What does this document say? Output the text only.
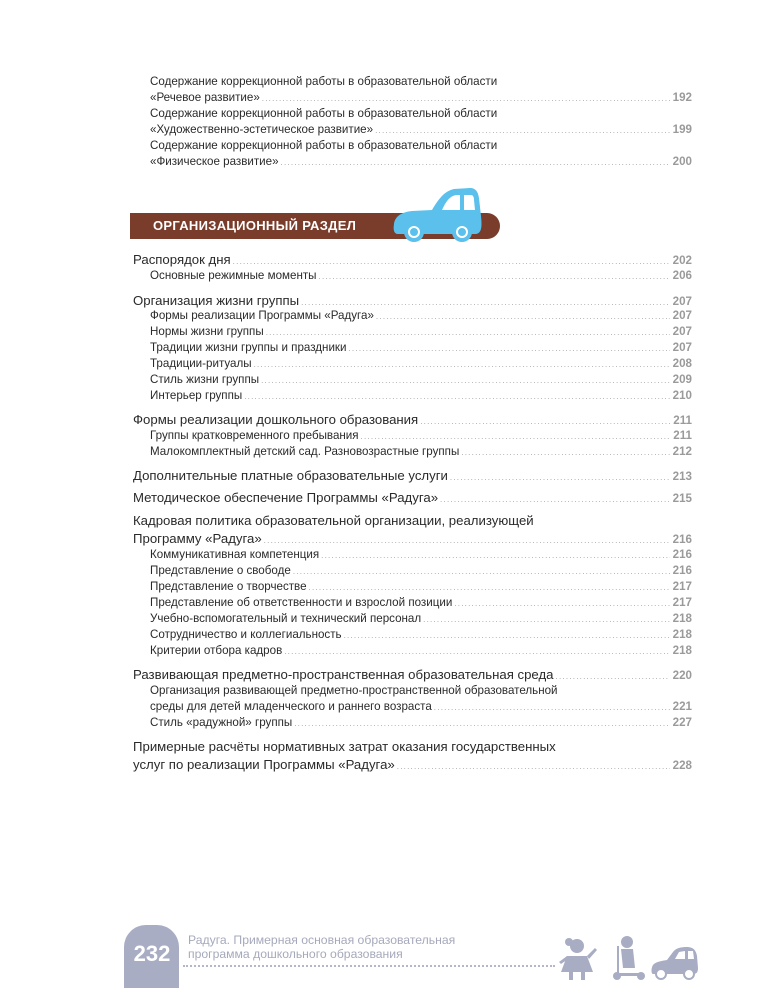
Содержание коррекционной работы в образовательной области
«Речевое развитие» . . .	192
Содержание коррекционной работы в образовательной области
«Художественно-эстетическое развитие» . . .	199
Содержание коррекционной работы в образовательной области
«Физическое развитие» . . .	200
ОРГАНИЗАЦИОННЫЙ РАЗДЕЛ
Распорядок дня . . .	202
Основные режимные моменты . . .	206
Организация жизни группы . . .	207
Формы реализации Программы «Радуга» . . .	207
Нормы жизни группы . . .	207
Традиции жизни группы и праздники . . .	207
Традиции-ритуалы . . .	208
Стиль жизни группы . . .	209
Интерьер группы . . .	210
Формы реализации дошкольного образования . . .	211
Группы кратковременного пребывания . . .	211
Малокомплектный детский сад. Разновозрастные группы . . .	212
Дополнительные платные образовательные услуги . . .	213
Методическое обеспечение Программы «Радуга» . . .	215
Кадровая политика образовательной организации, реализующей
Программу «Радуга» . . .	216
Коммуникативная компетенция . . .	216
Представление о свободе . . .	216
Представление о творчестве . . .	217
Представление об ответственности и взрослой позиции . . .	217
Учебно-вспомогательный и технический персонал . . .	218
Сотрудничество и коллегиальность . . .	218
Критерии отбора кадров . . .	218
Развивающая предметно-пространственная образовательная среда . . .	220
Организация развивающей предметно-пространственной образовательной
среды для детей младенческого и раннего возраста . . .	221
Стиль «радужной» группы . . .	227
Примерные расчёты нормативных затрат оказания государственных
услуг по реализации Программы «Радуга» . . .	228
232
Радуга. Примерная основная образовательная
программа дошкольного образования
